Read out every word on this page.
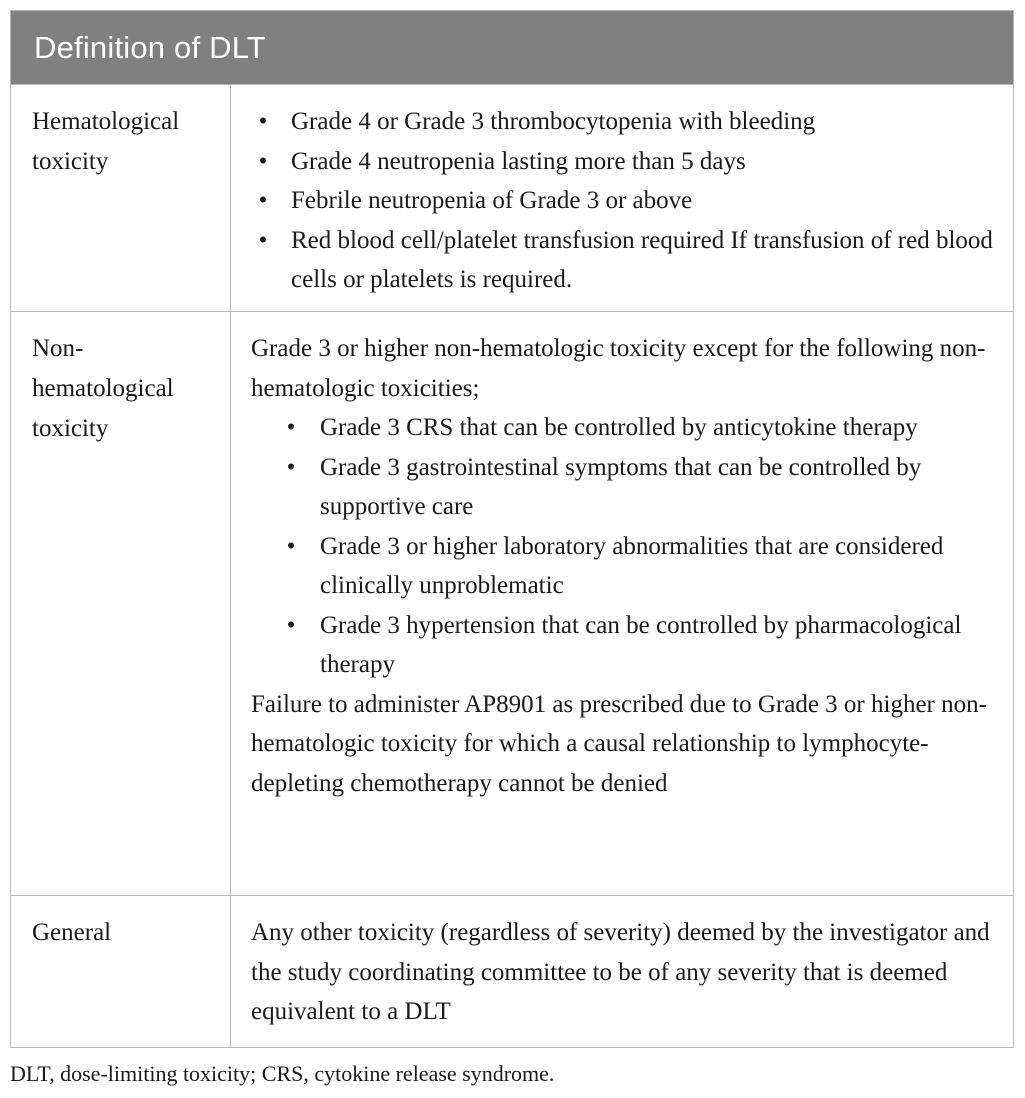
Definition of DLT
Hematological toxicity
• Grade 4 or Grade 3 thrombocytopenia with bleeding
• Grade 4 neutropenia lasting more than 5 days
• Febrile neutropenia of Grade 3 or above
• Red blood cell/platelet transfusion required If transfusion of red blood cells or platelets is required.
Non-hematological toxicity

Grade 3 or higher non-hematologic toxicity except for the following non-hematologic toxicities;

• Grade 3 CRS that can be controlled by anticytokine therapy
• Grade 3 gastrointestinal symptoms that can be controlled by supportive care
• Grade 3 or higher laboratory abnormalities that are considered clinically unproblematic
• Grade 3 hypertension that can be controlled by pharmacological therapy

Failure to administer AP8901 as prescribed due to Grade 3 or higher non-hematologic toxicity for which a causal relationship to lymphocyte-depleting chemotherapy cannot be denied

General	Any other toxicity (regardless of severity) deemed by the investigator and the study coordinating committee to be of any severity that is deemed equivalent to a DLT

DLT, dose-limiting toxicity; CRS, cytokine release syndrome.
